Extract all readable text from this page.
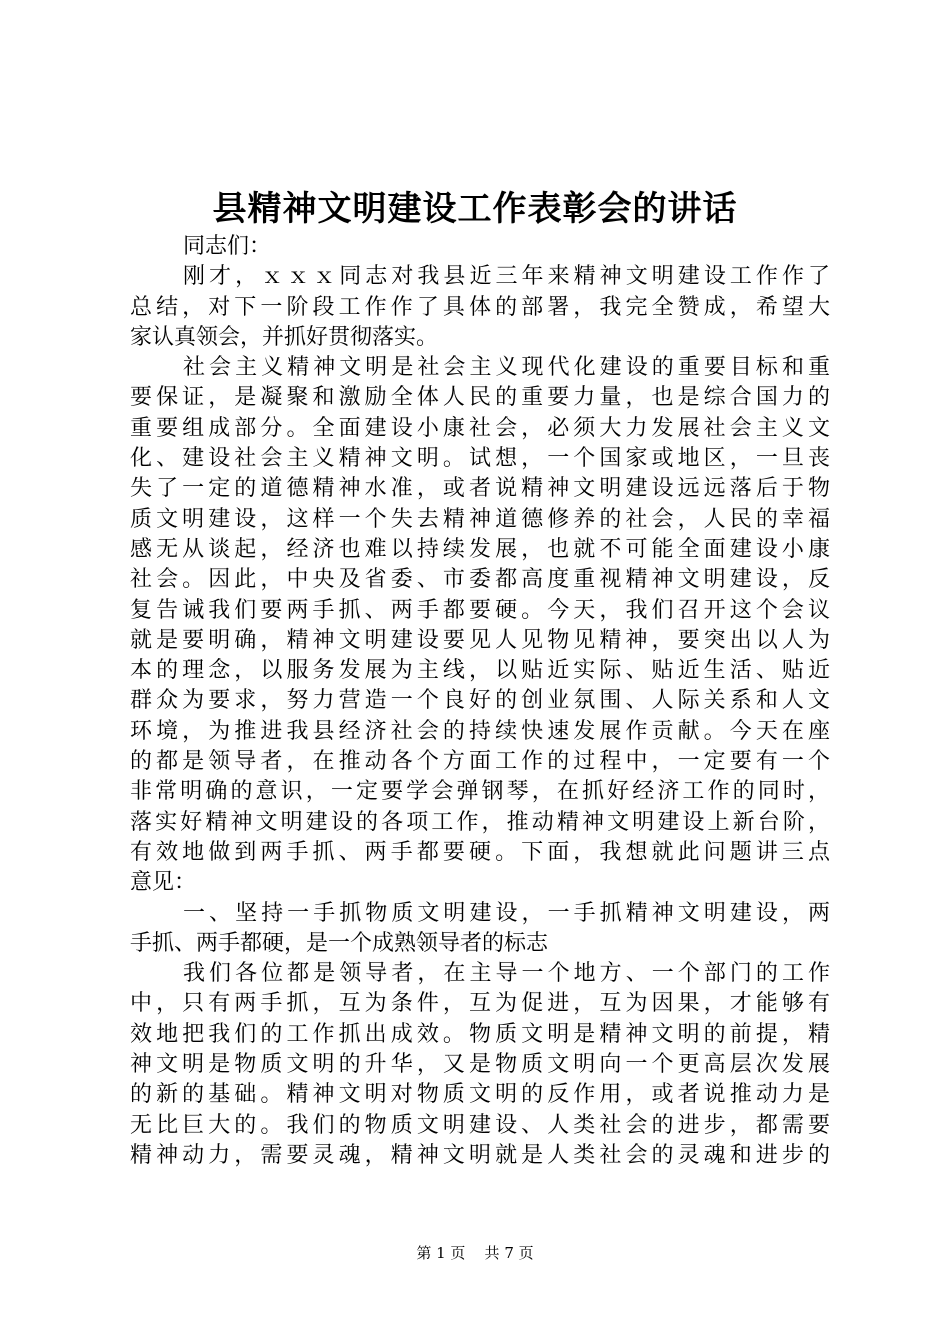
县精神文明建设工作表彰会的讲话
同志们：
刚才，ｘｘｘ同志对我县近三年来精神文明建设工作作了
总结，对下一阶段工作作了具体的部署，我完全赞成，希望大
家认真领会，并抓好贯彻落实。
社会主义精神文明是社会主义现代化建设的重要目标和重
要保证，是凝聚和激励全体人民的重要力量，也是综合国力的
重要组成部分。全面建设小康社会，必须大力发展社会主义文
化、建设社会主义精神文明。试想，一个国家或地区，一旦丧
失了一定的道德精神水准，或者说精神文明建设远远落后于物
质文明建设，这样一个失去精神道德修养的社会，人民的幸福
感无从谈起，经济也难以持续发展，也就不可能全面建设小康
社会。因此，中央及省委、市委都高度重视精神文明建设，反
复告诫我们要两手抓、两手都要硬。今天，我们召开这个会议
就是要明确，精神文明建设要见人见物见精神，要突出以人为
本的理念，以服务发展为主线，以贴近实际、贴近生活、贴近
群众为要求，努力营造一个良好的创业氛围、人际关系和人文
环境，为推进我县经济社会的持续快速发展作贡献。今天在座
的都是领导者，在推动各个方面工作的过程中，一定要有一个
非常明确的意识，一定要学会弹钢琴，在抓好经济工作的同时，
落实好精神文明建设的各项工作，推动精神文明建设上新台阶，
有效地做到两手抓、两手都要硬。下面，我想就此问题讲三点
意见：
一、坚持一手抓物质文明建设，一手抓精神文明建设，两
手抓、两手都硬，是一个成熟领导者的标志
我们各位都是领导者，在主导一个地方、一个部门的工作
中，只有两手抓，互为条件，互为促进，互为因果，才能够有
效地把我们的工作抓出成效。物质文明是精神文明的前提，精
神文明是物质文明的升华，又是物质文明向一个更高层次发展
的新的基础。精神文明对物质文明的反作用，或者说推动力是
无比巨大的。我们的物质文明建设、人类社会的进步，都需要
精神动力，需要灵魂，精神文明就是人类社会的灵魂和进步的
第 1 页 共 7 页
